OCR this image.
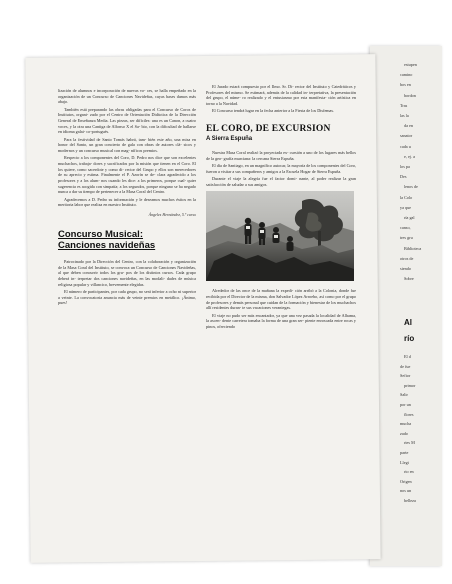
estupen
camino
bos en
bordon
Tras
las la
da en
sanator
cada u
e, ej. a
los pa
Des
lenos de
la Colo
ya que
ría gal
canso,
tres gru
Biblioteca
otros de
siendo
Sobre
Al
río
El d
de fue
Sefior
primor
Salir
por un
flores
mucha
zado
ries M
parte
Llegi
rio en
Origen
nos un
belleza

lización de alumnos e incorporación de nuevas vo- ces, se halla empeñado en la organización de un Concurso de Canciones Navideñas, cuyas bases damos más abajo.

También está preparando las obras obligadas para el Concurso de Coros de Institutos, organi- zado por el Centro de Orientación Didáctica de la Dirección General de Enseñanza Media. Las piezas, ser difíciles: una es un Canon, a cuatro voces, y la otra una Cantiga de Alfonso X el Sa- bio, con la dificultad de hallarse en idioma galai- co-portugués.

Para la festividad de Santo Tomás habrá, tam- bién este año, una misa en honor del Santo, un gran concierto de gala con obras de autores clá- sicos y modernos y un concurso musical con mag- níficos premios.

Respecto a los componentes del Coro, D. Pedro nos dice que son excelentes muchachos, trabaja- dores y sacrificados por la misión que tienen en el Coro. El los quiere, como sacerdote y como di- rector del Grupo y ellos son merecedores de su aprecio y estima. Finalmente el P. Azorín se de- clara agradecido a los profesores y a los alum- nos cuando les dice: a los primeros, porque cual- quier sugerencia es acogida con simpatía; a los segundos, porque ninguno se ha negado nunca a dar su tiempo de pertenecer a la Masa Coral del Centro.

Agradecemos a D. Pedro su información y le deseamos muchos éxitos en la meritoria labor que realiza en nuestro Instituto.

Ángeles Hernández, 5.º curso
Concurso Musical:
Canciones navideñas

Patrocinado por la Dirección del Centro, con la colaboración y organización de la Masa Coral del Instituto, se convoca un Concurso de Canciones Navideñas, al que deben concurrir todos los gru- pos de los distintos cursos. Cada grupo deberá in- terpretar dos canciones navideñas, en las modali- dades de música religiosa popular y villancico, brevemente elegidas.

El número de participantes, por cada grupo, no será inferior a ocho ni superior a veinte. La convocatoria anuncia más de veinte premios en metálico. ¡Ánimo, pues!

El Jurado estará compuesto por el Ilmo. Sr. Di- rector del Instituto y Catedráticos y Profesores del mismo. Se estimará, además de la calidad in- terpretativa, la presentación del grupo, el núme- ro realizado y el entusiasmo por esta manifesta- ción artística en torno a la Navidad.

El Concurso tendrá lugar en la fecha anterior a la Fiesta de los Disfemas.

EL CORO, DE EXCURSION
A Sierra Espuña

Nuestra Masa Coral realizó la proyectada ex- cursión a uno de los lugares más bellos de la geo- grafía murciana: la cercana Sierra Espuña.

El día de Santiago, en un magnífico autocar, la mayoría de los componentes del Coro, fueron a visitar a sus compañeros y amigos a la Escuela Hogar de Sierra Espuña.

Durante el viaje la alegría fue el factor domi- nante, al poder realizar la gran satisfacción de saludar a sus amigos.

Alrededor de las once de la mañana la expedi- ción arribó a la Colonia, donde fue recibida por el Director de la misma, don Salvador López Arroebo, así como por el grupo de profesores y demás personal que cuidan de la formación y bienestar de los muchachos allí residentes duran- te sus vacaciones veraniegas.

El viaje no pudo ser más encantador, ya que una vez pasada la localidad de Alhama, la ascen- dente carretera tomaba la forma de una gran ser- piente enroscada entre rocas y pinos, ofreciendo
